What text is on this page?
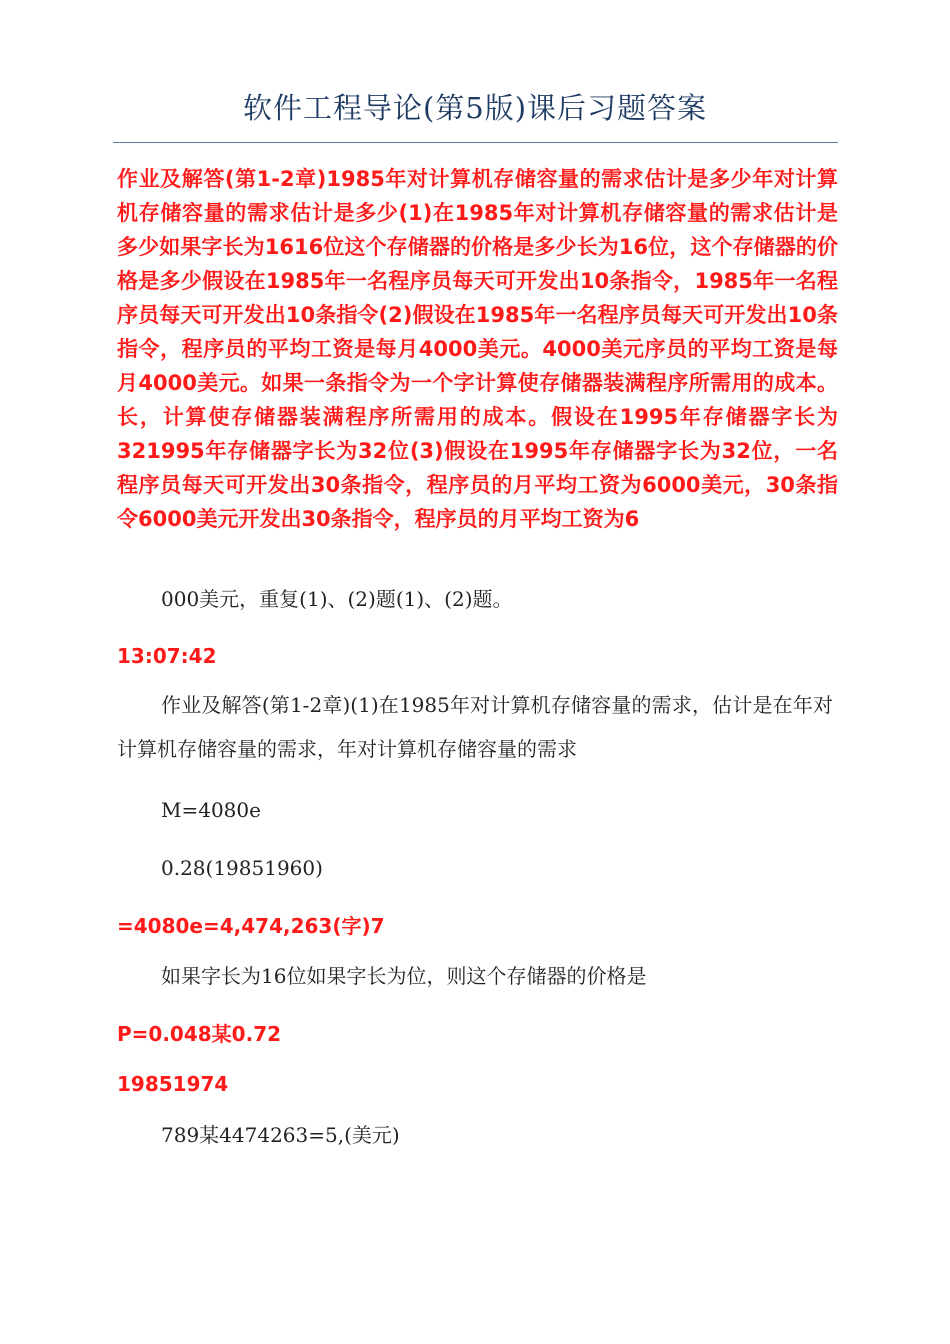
软件工程导论(第5版)课后习题答案

作业及解答(第1-2章)1985年对计算机存储容量的需求估计是多少年对计算机存储容量的需求估计是多少(1)在1985年对计算机存储容量的需求估计是多少如果字长为1616位这个存储器的价格是多少长为16位，这个存储器的价格是多少假设在1985年一名程序员每天可开发出10条指令，1985年一名程序员每天可开发出10条指令(2)假设在1985年一名程序员每天可开发出10条指令，程序员的平均工资是每月4000美元。4000美元序员的平均工资是每月4000美元。如果一条指令为一个字计算使存储器装满程序所需用的成本。长，计算使存储器装满程序所需用的成本。假设在1995年存储器字长为321995年存储器字长为32位(3)假设在1995年存储器字长为32位，一名程序员每天可开发出30条指令，程序员的月平均工资为6000美元，30条指令6000美元开发出30条指令，程序员的月平均工资为6

000美元，重复(1)、(2)题(1)、(2)题。

13:07:42

作业及解答(第1-2章)(1)在1985年对计算机存储容量的需求，估计是在年对计算机存储容量的需求，年对计算机存储容量的需求

M=4080e

0.28(19851960)

=4080e=4,474,263(字)7

如果字长为16位如果字长为位，则这个存储器的价格是

P=0.048某0.72

19851974

789某4474263=5,(美元)
